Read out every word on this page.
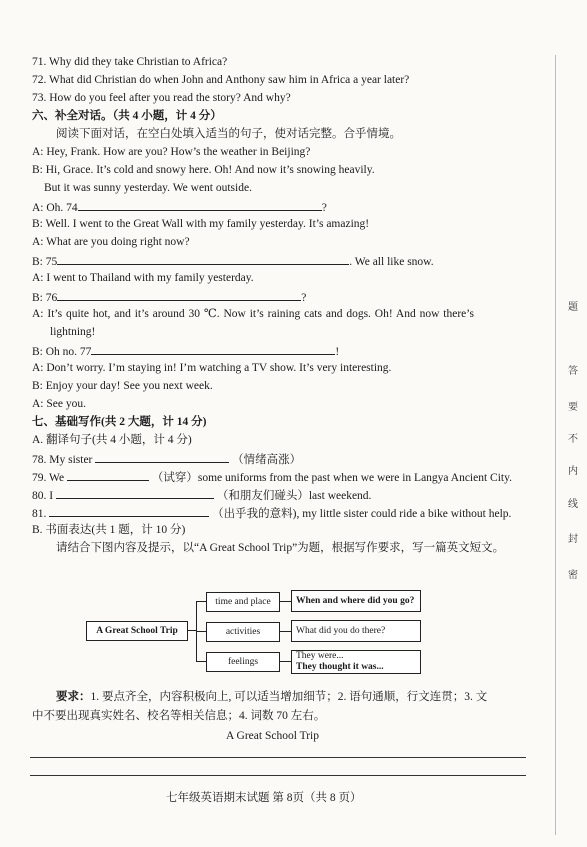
71. Why did they take Christian to Africa?
72. What did Christian do when John and Anthony saw him in Africa a year later?
73. How do you feel after you read the story? And why?
六、补全对话。（共 4 小题，计 4 分）
阅读下面对话，在空白处填入适当的句子，使对话完整。合乎情境。
A: Hey, Frank. How are you? How’s the weather in Beijing?
B: Hi, Grace. It’s cold and snowy here. Oh! And now it’s snowing heavily.
But it was sunny yesterday. We went outside.
A: Oh. 74	?
B: Well. I went to the Great Wall with my family yesterday. It’s amazing!
A: What are you doing right now?
B: 75	. We all like snow.
A: I went to Thailand with my family yesterday.
B: 76	?
A: It’s quite hot, and it’s around 30 ℃. Now it’s raining cats and dogs. Oh! And now there’s
lightning!
B: Oh no. 77	!
A: Don’t worry. I’m staying in! I’m watching a TV show. It’s very interesting.
B: Enjoy your day! See you next week.
A: See you.
七、基础写作(共 2 大题，计 14 分)
A. 翻译句子(共 4 小题，计 4 分)
78. My sister	（情绪高涨）
79. We	（试穿）some uniforms from the past when we were in Langya Ancient City.
80. I	（和朋友们碰头）last weekend.
81.	（出乎我的意料), my little sister could ride a bike without help.
B. 书面表达(共 1 题，计 10 分)
请结合下图内容及提示，以“A Great School Trip”为题，根据写作要求，写一篇英文短文。
A Great School Trip
time and place
activities
feelings
When and where did you go?
What did you do there?
They were...
They thought it was...
要求：1. 要点齐全，内容积极向上, 可以适当增加细节；2. 语句通顺，行文连贯；3. 文
中不要出现真实姓名、校名等相关信息；4. 词数 70 左右。
A Great School Trip
七年级英语期末试题 第 8页（共 8 页）
题
答
要
不
内
线
封
密
